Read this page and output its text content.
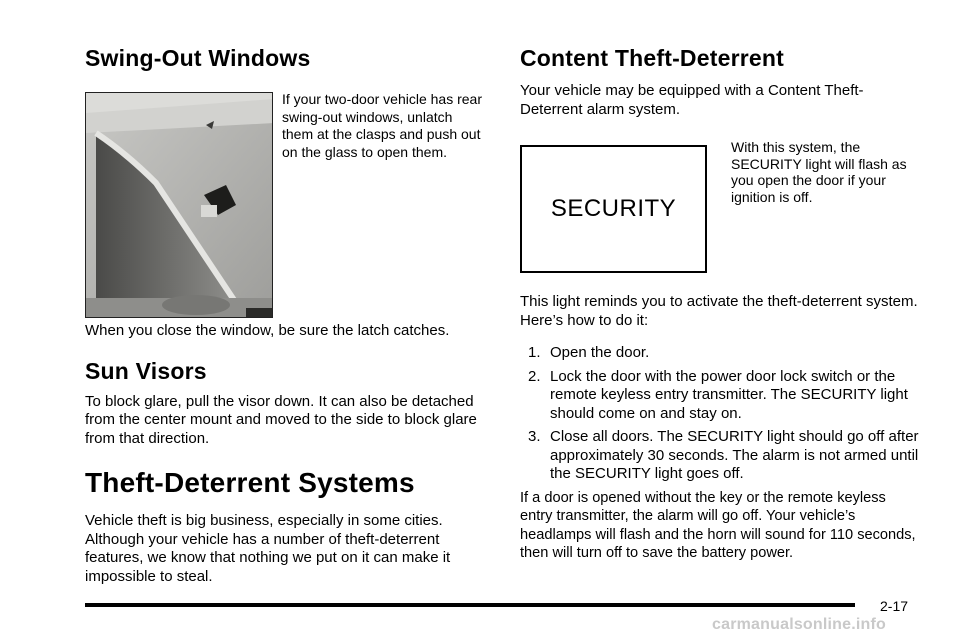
Swing-Out Windows

If your two-door vehicle has rear swing-out windows, unlatch them at the clasps and push out on the glass to open them.

When you close the window, be sure the latch catches.

Sun Visors

To block glare, pull the visor down. It can also be detached from the center mount and moved to the side to block glare from that direction.

Theft-Deterrent Systems

Vehicle theft is big business, especially in some cities. Although your vehicle has a number of theft-deterrent features, we know that nothing we put on it can make it impossible to steal.

Content Theft-Deterrent

Your vehicle may be equipped with a Content Theft-Deterrent alarm system.

SECURITY

With this system, the SECURITY light will flash as you open the door if your ignition is off.

This light reminds you to activate the theft-deterrent system. Here’s how to do it:

1. Open the door.
2. Lock the door with the power door lock switch or the remote keyless entry transmitter. The SECURITY light should come on and stay on.
3. Close all doors. The SECURITY light should go off after approximately 30 seconds. The alarm is not armed until the SECURITY light goes off.

If a door is opened without the key or the remote keyless entry transmitter, the alarm will go off. Your vehicle’s headlamps will flash and the horn will sound for 110 seconds, then will turn off to save the battery power.

2-17
carmanualsonline.info
